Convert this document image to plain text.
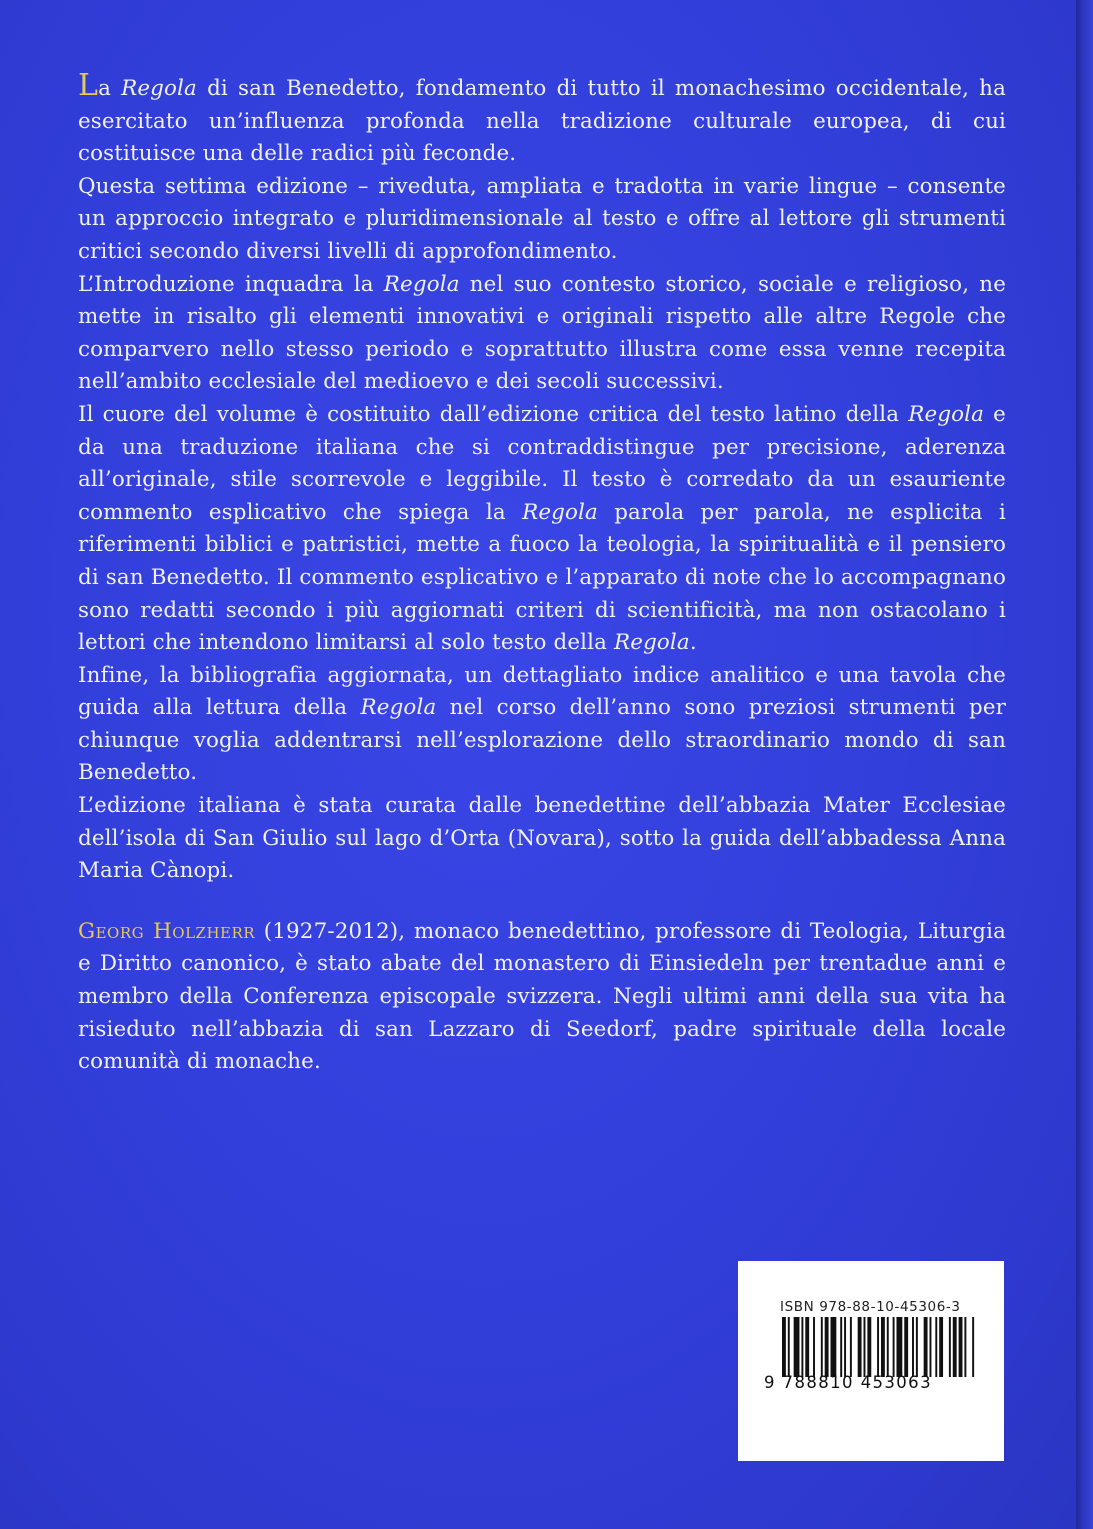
La Regola di san Benedetto, fondamento di tutto il monachesimo occidentale, ha esercitato un’influenza profonda nella tradizione culturale europea, di cui costituisce una delle radici più feconde.

Questa settima edizione – riveduta, ampliata e tradotta in varie lingue – consente un approccio integrato e pluridimensionale al testo e offre al lettore gli strumenti critici secondo diversi livelli di approfondimento.

L’Introduzione inquadra la Regola nel suo contesto storico, sociale e religioso, ne mette in risalto gli elementi innovativi e originali rispetto alle altre Regole che comparvero nello stesso periodo e soprattutto illustra come essa venne recepita nell’ambito ecclesiale del medioevo e dei secoli successivi.

Il cuore del volume è costituito dall’edizione critica del testo latino della Regola e da una traduzione italiana che si contraddistingue per precisione, aderenza all’originale, stile scorrevole e leggibile. Il testo è corredato da un esauriente commento esplicativo che spiega la Regola parola per parola, ne esplicita i riferimenti biblici e patristici, mette a fuoco la teologia, la spiritualità e il pensiero di san Benedetto. Il commento esplicativo e l’apparato di note che lo accompagnano sono redatti secondo i più aggiornati criteri di scientificità, ma non ostacolano i lettori che intendono limitarsi al solo testo della Regola.

Infine, la bibliografia aggiornata, un dettagliato indice analitico e una tavola che guida alla lettura della Regola nel corso dell’anno sono preziosi strumenti per chiunque voglia addentrarsi nell’esplorazione dello straordinario mondo di san Benedetto.

L’edizione italiana è stata curata dalle benedettine dell’abbazia Mater Ecclesiae dell’isola di San Giulio sul lago d’Orta (Novara), sotto la guida dell’abbadessa Anna Maria Cànopi.

Georg Holzherr (1927-2012), monaco benedettino, professore di Teologia, Liturgia e Diritto canonico, è stato abate del monastero di Einsiedeln per trentadue anni e membro della Conferenza episcopale svizzera. Negli ultimi anni della sua vita ha risieduto nell’abbazia di san Lazzaro di Seedorf, padre spirituale della locale comunità di monache.

ISBN 978-88-10-45306-3
9 788810 453063
